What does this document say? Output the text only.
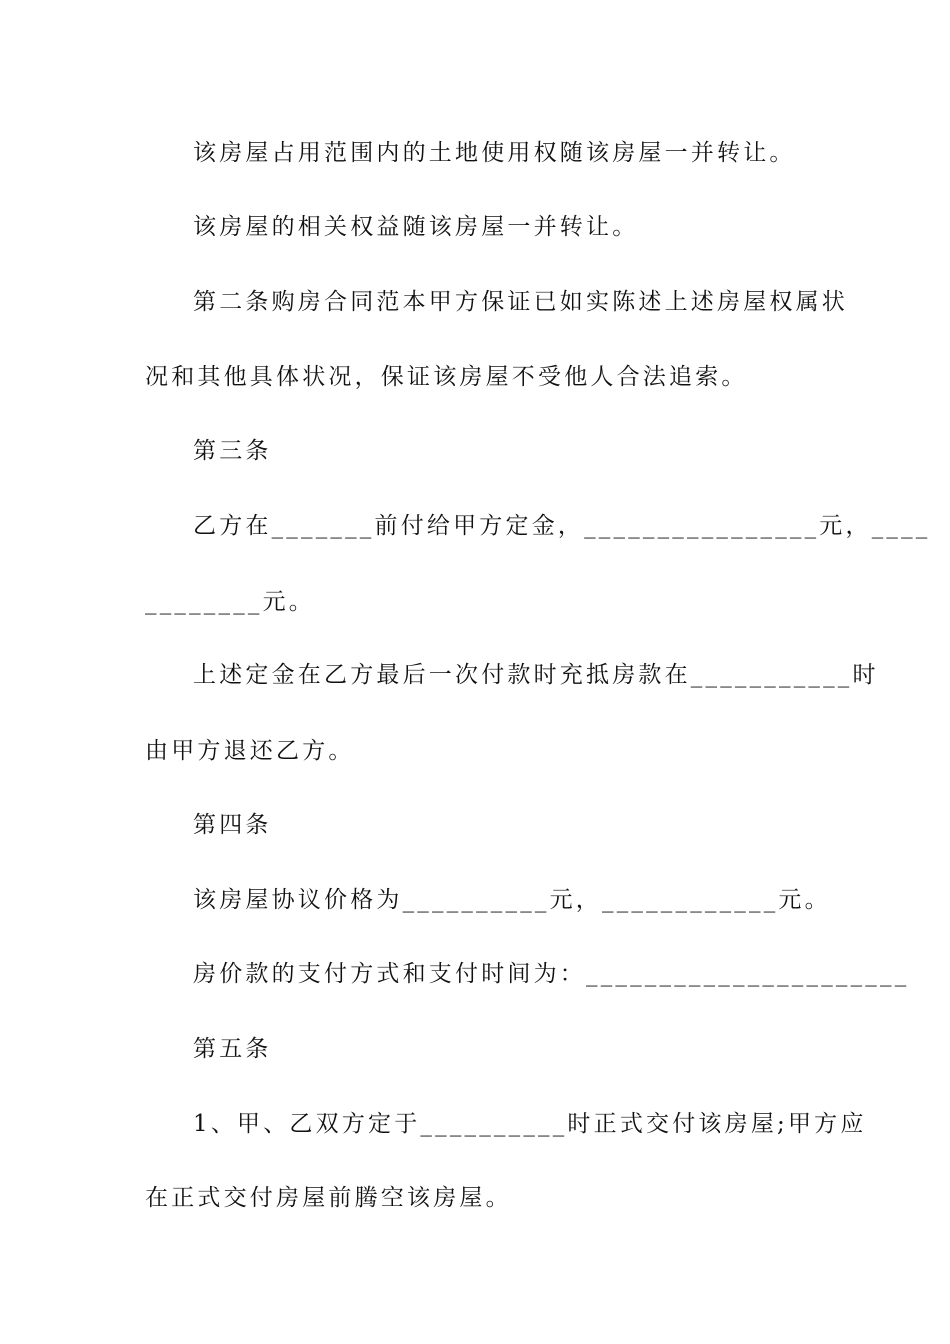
该房屋占用范围内的土地使用权随该房屋一并转让。
该房屋的相关权益随该房屋一并转让。
第二条购房合同范本甲方保证已如实陈述上述房屋权属状
况和其他具体状况，保证该房屋不受他人合法追索。
第三条
乙方在_______前付给甲方定金，________________元，____
________元。
上述定金在乙方最后一次付款时充抵房款在___________时
由甲方退还乙方。
第四条
该房屋协议价格为__________元，____________元。
房价款的支付方式和支付时间为：______________________
第五条
1、甲、乙双方定于__________时正式交付该房屋;甲方应
在正式交付房屋前腾空该房屋。
